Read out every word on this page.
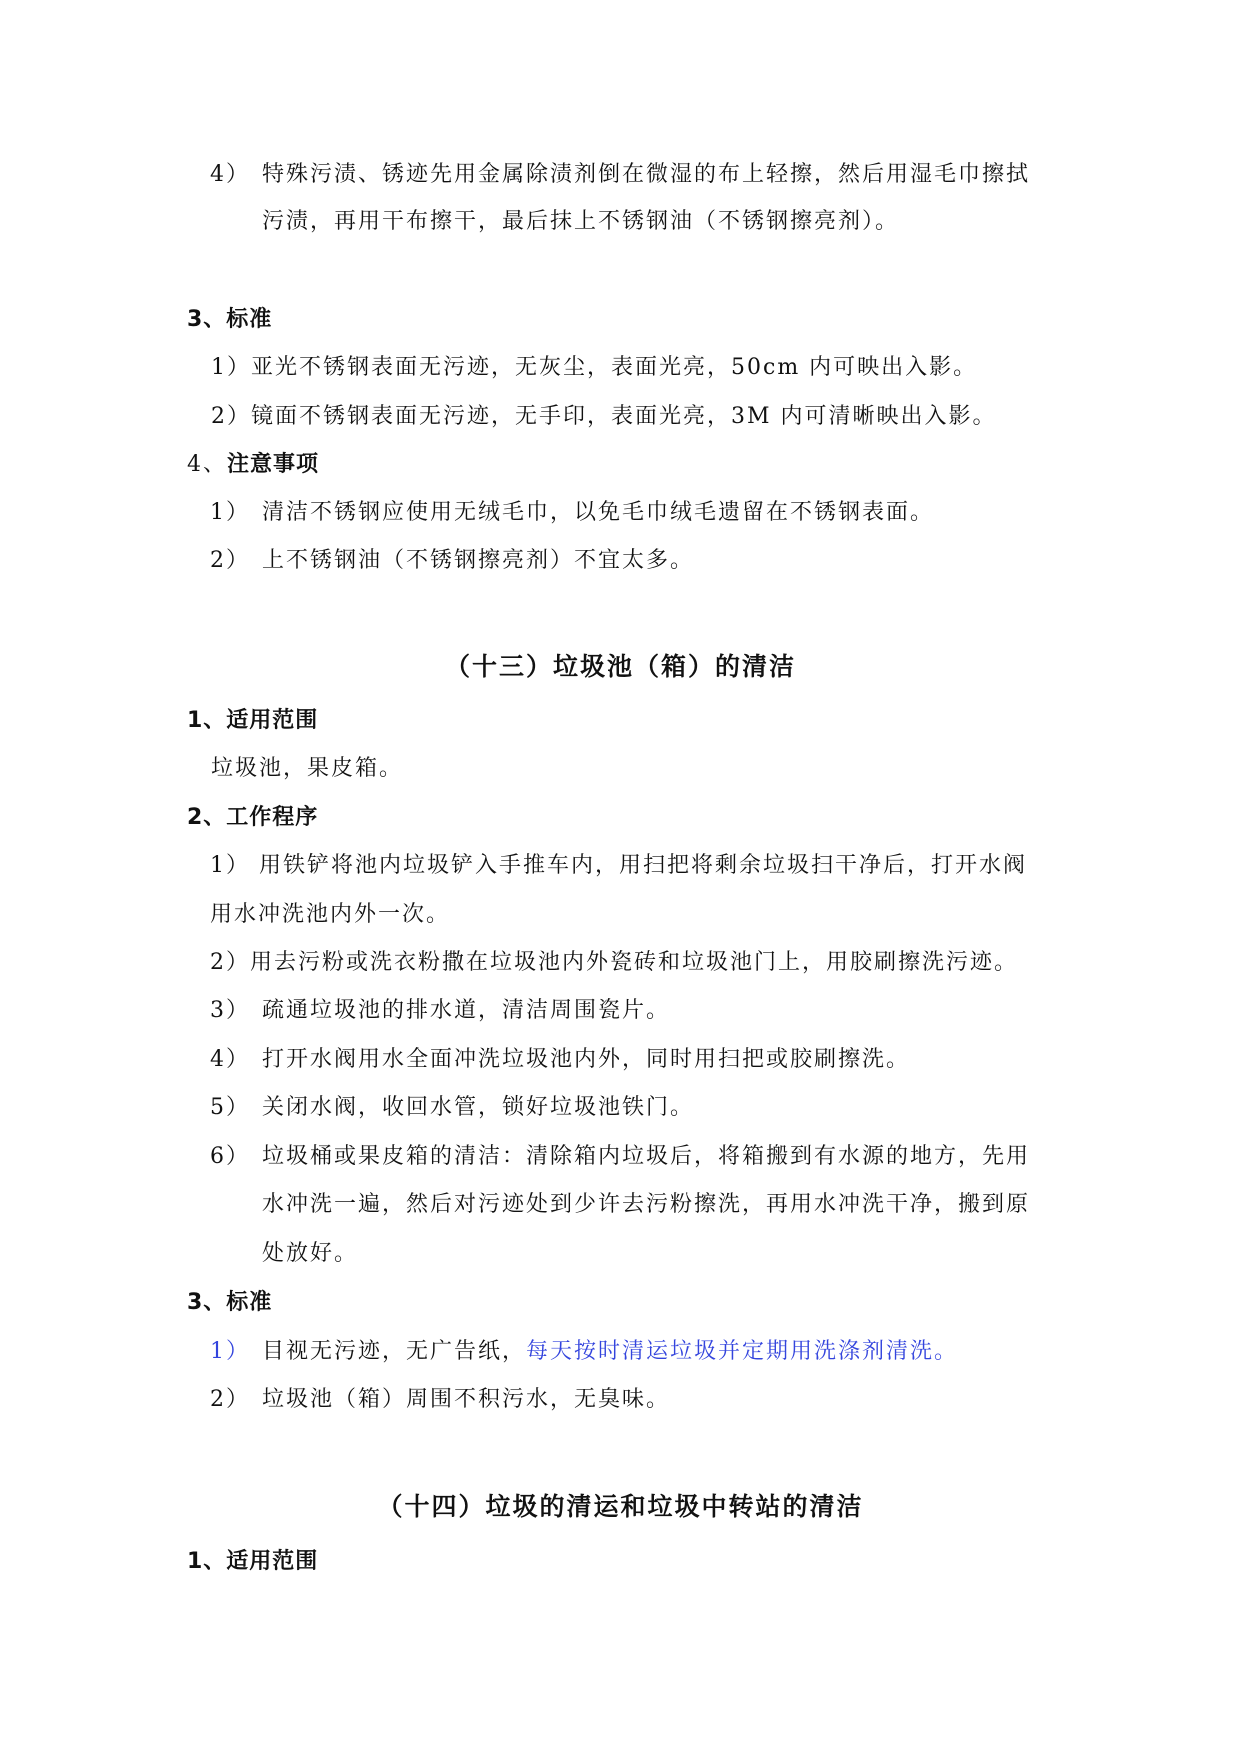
4） 特殊污渍、锈迹先用金属除渍剂倒在微湿的布上轻擦，然后用湿毛巾擦拭
污渍，再用干布擦干，最后抹上不锈钢油（不锈钢擦亮剂）。
3、标准
1）亚光不锈钢表面无污迹，无灰尘，表面光亮，50cm 内可映出入影。
2）镜面不锈钢表面无污迹，无手印，表面光亮，3M 内可清晰映出入影。
4、注意事项
1） 清洁不锈钢应使用无绒毛巾，以免毛巾绒毛遗留在不锈钢表面。
2） 上不锈钢油（不锈钢擦亮剂）不宜太多。
（十三）垃圾池（箱）的清洁
1、适用范围
垃圾池，果皮箱。
2、工作程序
1） 用铁铲将池内垃圾铲入手推车内，用扫把将剩余垃圾扫干净后，打开水阀
用水冲洗池内外一次。
2）用去污粉或洗衣粉撒在垃圾池内外瓷砖和垃圾池门上，用胶刷擦洗污迹。
3） 疏通垃圾池的排水道，清洁周围瓷片。
4） 打开水阀用水全面冲洗垃圾池内外，同时用扫把或胶刷擦洗。
5） 关闭水阀，收回水管，锁好垃圾池铁门。
6） 垃圾桶或果皮箱的清洁：清除箱内垃圾后，将箱搬到有水源的地方，先用
水冲洗一遍，然后对污迹处到少许去污粉擦洗，再用水冲洗干净，搬到原
处放好。
3、标准
1） 目视无污迹，无广告纸，每天按时清运垃圾并定期用洗涤剂清洗。
2） 垃圾池（箱）周围不积污水，无臭味。
（十四）垃圾的清运和垃圾中转站的清洁
1、适用范围
